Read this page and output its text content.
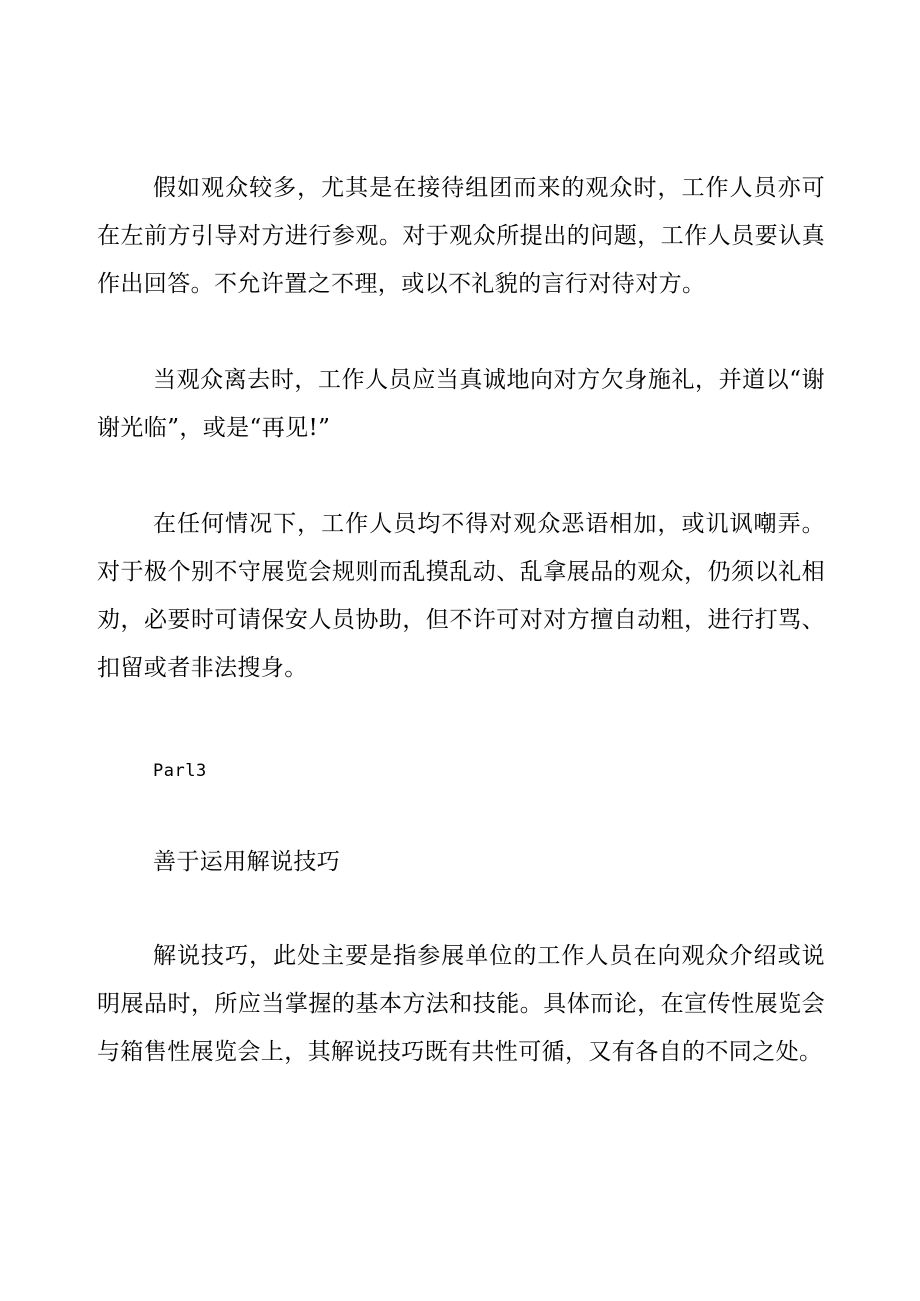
假如观众较多，尤其是在接待组团而来的观众时，工作人员亦可在左前方引导对方进行参观。对于观众所提出的问题，工作人员要认真作出回答。不允许置之不理，或以不礼貌的言行对待对方。

当观众离去时，工作人员应当真诚地向对方欠身施礼，并道以“谢谢光临”，或是“再见!”

在任何情况下，工作人员均不得对观众恶语相加，或讥讽嘲弄。对于极个别不守展览会规则而乱摸乱动、乱拿展品的观众，仍须以礼相劝，必要时可请保安人员协助，但不许可对对方擅自动粗，进行打骂、扣留或者非法搜身。

Parl3

善于运用解说技巧

解说技巧，此处主要是指参展单位的工作人员在向观众介绍或说明展品时，所应当掌握的基本方法和技能。具体而论，在宣传性展览会与箱售性展览会上，其解说技巧既有共性可循，又有各自的不同之处。
